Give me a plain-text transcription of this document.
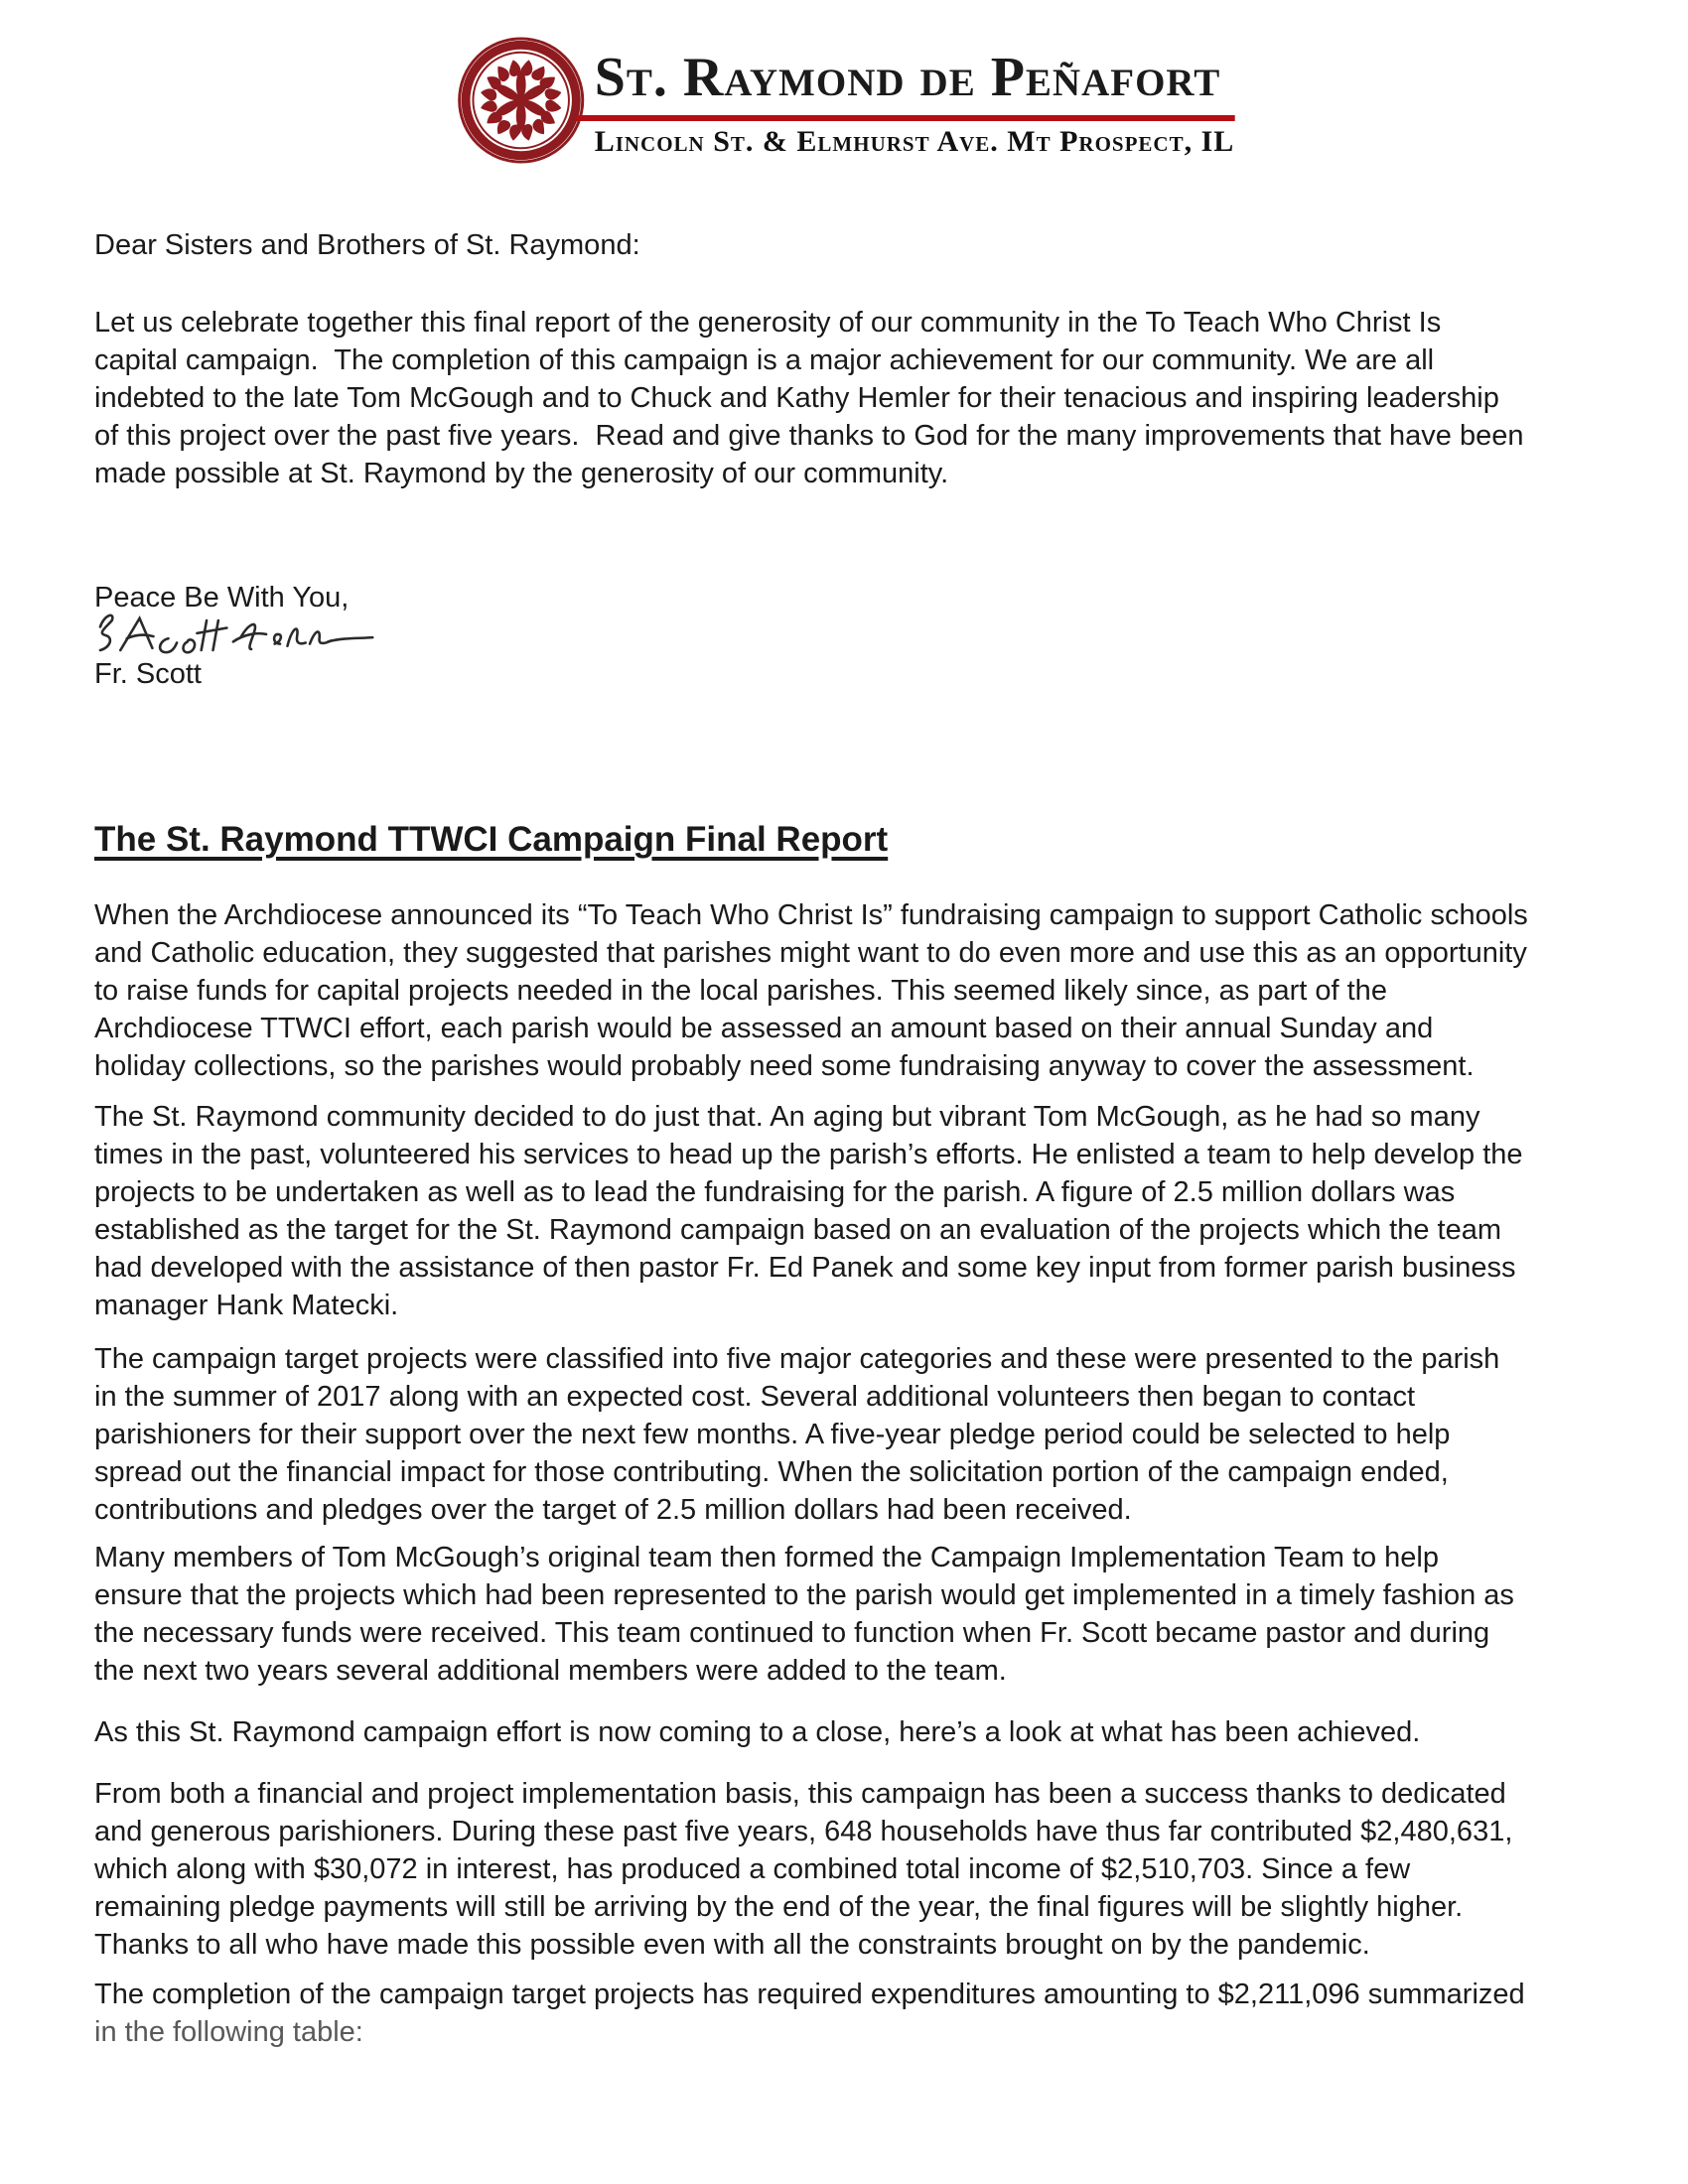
St. Raymond de Peñafort
Lincoln St. & Elmhurst Ave. Mt Prospect, IL

Dear Sisters and Brothers of St. Raymond:

Let us celebrate together this final report of the generosity of our community in the To Teach Who Christ Is capital campaign.  The completion of this campaign is a major achievement for our community. We are all indebted to the late Tom McGough and to Chuck and Kathy Hemler for their tenacious and inspiring leadership of this project over the past five years.  Read and give thanks to God for the many improvements that have been made possible at St. Raymond by the generosity of our community.

Peace Be With You,

Fr. Scott

The St. Raymond TTWCI Campaign Final Report

When the Archdiocese announced its “To Teach Who Christ Is” fundraising campaign to support Catholic schools and Catholic education, they suggested that parishes might want to do even more and use this as an opportunity to raise funds for capital projects needed in the local parishes. This seemed likely since, as part of the Archdiocese TTWCI effort, each parish would be assessed an amount based on their annual Sunday and holiday collections, so the parishes would probably need some fundraising anyway to cover the assessment.

The St. Raymond community decided to do just that. An aging but vibrant Tom McGough, as he had so many times in the past, volunteered his services to head up the parish’s efforts. He enlisted a team to help develop the projects to be undertaken as well as to lead the fundraising for the parish. A figure of 2.5 million dollars was established as the target for the St. Raymond campaign based on an evaluation of the projects which the team had developed with the assistance of then pastor Fr. Ed Panek and some key input from former parish business manager Hank Matecki.

The campaign target projects were classified into five major categories and these were presented to the parish in the summer of 2017 along with an expected cost. Several additional volunteers then began to contact parishioners for their support over the next few months. A five-year pledge period could be selected to help spread out the financial impact for those contributing. When the solicitation portion of the campaign ended, contributions and pledges over the target of 2.5 million dollars had been received.

Many members of Tom McGough’s original team then formed the Campaign Implementation Team to help ensure that the projects which had been represented to the parish would get implemented in a timely fashion as the necessary funds were received. This team continued to function when Fr. Scott became pastor and during the next two years several additional members were added to the team.

As this St. Raymond campaign effort is now coming to a close, here’s a look at what has been achieved.

From both a financial and project implementation basis, this campaign has been a success thanks to dedicated and generous parishioners. During these past five years, 648 households have thus far contributed $2,480,631, which along with $30,072 in interest, has produced a combined total income of $2,510,703. Since a few remaining pledge payments will still be arriving by the end of the year, the final figures will be slightly higher. Thanks to all who have made this possible even with all the constraints brought on by the pandemic.

The completion of the campaign target projects has required expenditures amounting to $2,211,096 summarized in the following table:
